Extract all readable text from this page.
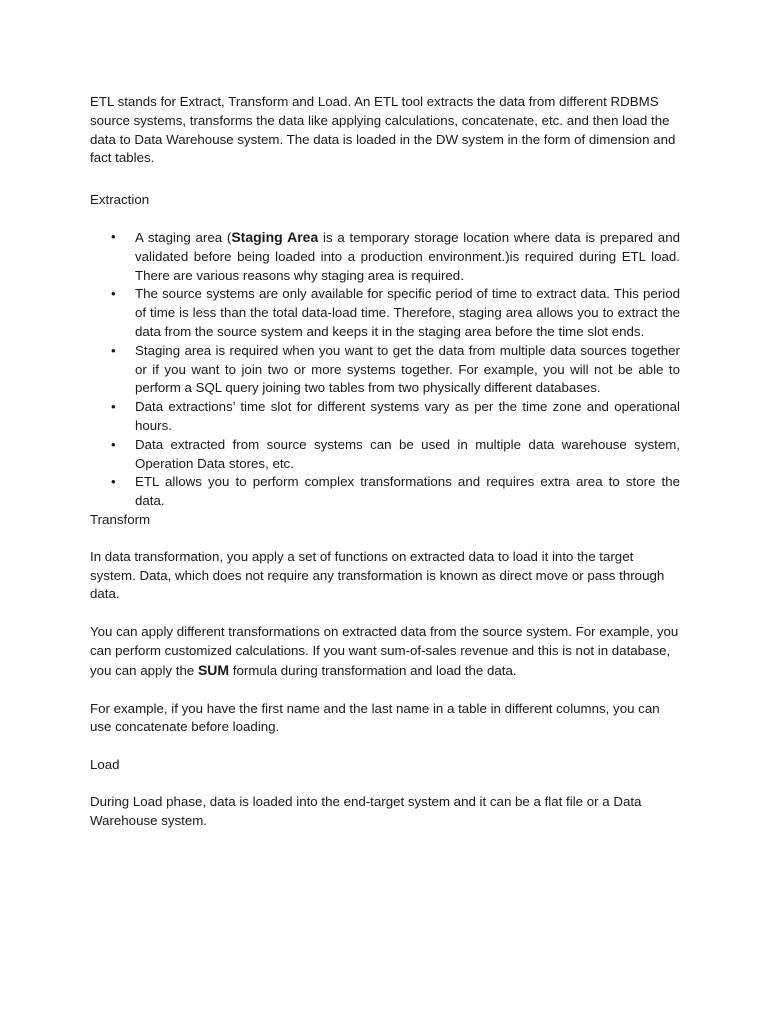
ETL stands for Extract, Transform and Load. An ETL tool extracts the data from different RDBMS source systems, transforms the data like applying calculations, concatenate, etc. and then load the data to Data Warehouse system. The data is loaded in the DW system in the form of dimension and fact tables.

Extraction

• A staging area (Staging Area is a temporary storage location where data is prepared and validated before being loaded into a production environment.)is required during ETL load. There are various reasons why staging area is required.
• The source systems are only available for specific period of time to extract data. This period of time is less than the total data-load time. Therefore, staging area allows you to extract the data from the source system and keeps it in the staging area before the time slot ends.
• Staging area is required when you want to get the data from multiple data sources together or if you want to join two or more systems together. For example, you will not be able to perform a SQL query joining two tables from two physically different databases.
• Data extractions’ time slot for different systems vary as per the time zone and operational hours.
• Data extracted from source systems can be used in multiple data warehouse system, Operation Data stores, etc.
• ETL allows you to perform complex transformations and requires extra area to store the data.

Transform

In data transformation, you apply a set of functions on extracted data to load it into the target system. Data, which does not require any transformation is known as direct move or pass through data.

You can apply different transformations on extracted data from the source system. For example, you can perform customized calculations. If you want sum-of-sales revenue and this is not in database, you can apply the SUM formula during transformation and load the data.

For example, if you have the first name and the last name in a table in different columns, you can use concatenate before loading.

Load

During Load phase, data is loaded into the end-target system and it can be a flat file or a Data Warehouse system.
